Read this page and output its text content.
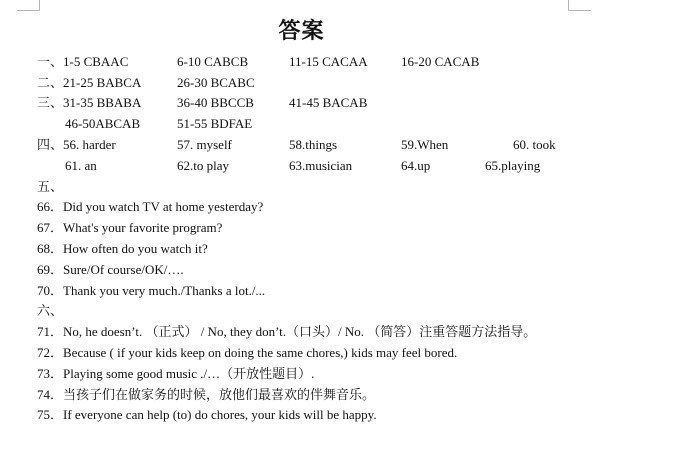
答案
一、1-5 CBAAC	6-10 CABCB	11-15 CACAA	16-20 CACAB
二、21-25 BABCA	26-30 BCABC
三、31-35 BBABA	36-40 BBCCB	41-45 BACAB
46-50ABCAB	51-55 BDFAE
四、56. harder	57. myself	58.things	59.When	60. took
61. an	62.to play	63.musician	64.up	65.playing
五、
66．Did you watch TV at home yesterday?
67．What's your favorite program?
68．How often do you watch it?
69．Sure/Of course/OK/….
70．Thank you very much./Thanks a lot./...
六、
71．No, he doesn’t. （正式） / No, they don’t.（口头）/ No. （简答）注重答题方法指导。
72．Because ( if your kids keep on doing the same chores,) kids may feel bored.
73．Playing some good music ./…（开放性题目）.
74．当孩子们在做家务的时候，放他们最喜欢的伴舞音乐。
75．If everyone can help (to) do chores, your kids will be happy.
